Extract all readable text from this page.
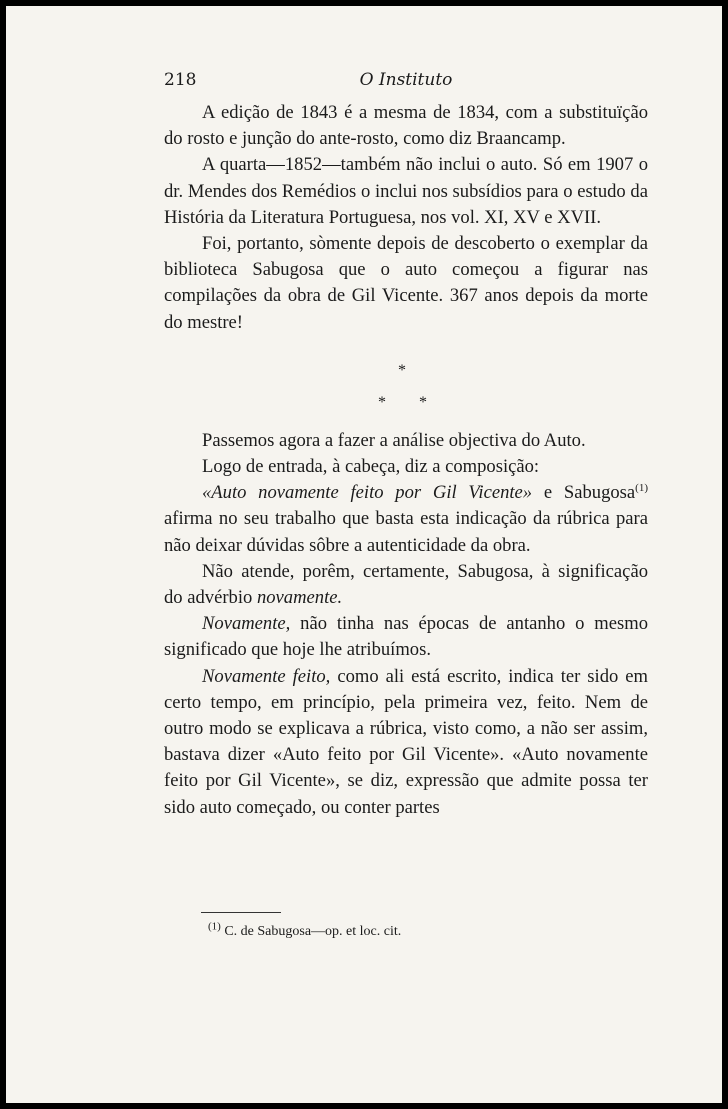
218	O Instituto

A edição de 1843 é a mesma de 1834, com a substituïção do rosto e junção do ante-rosto, como diz Braancamp.

A quarta—1852—também não inclui o auto. Só em 1907 o dr. Mendes dos Remédios o inclui nos subsídios para o estudo da História da Literatura Portuguesa, nos vol. XI, XV e XVII.

Foi, portanto, sòmente depois de descoberto o exemplar da biblioteca Sabugosa que o auto começou a figurar nas compilações da obra de Gil Vicente. 367 anos depois da morte do mestre!

*
* *

Passemos agora a fazer a análise objectiva do Auto.

Logo de entrada, à cabeça, diz a composição:

«Auto novamente feito por Gil Vicente» e Sabugosa$^{(1)}$ afirma no seu trabalho que basta esta indicação da rúbrica para não deixar dúvidas sôbre a autenticidade da obra.

Não atende, porêm, certamente, Sabugosa, à significação do advérbio novamente.

Novamente, não tinha nas épocas de antanho o mesmo significado que hoje lhe atribuímos.

Novamente feito, como ali está escrito, indica ter sido em certo tempo, em princípio, pela primeira vez, feito. Nem de outro modo se explicava a rúbrica, visto como, a não ser assim, bastava dizer «Auto feito por Gil Vicente». «Auto novamente feito por Gil Vicente», se diz, expressão que admite possa ter sido auto começado, ou conter partes

$^{(1)}$ C. de Sabugosa—op. et loc. cit.
